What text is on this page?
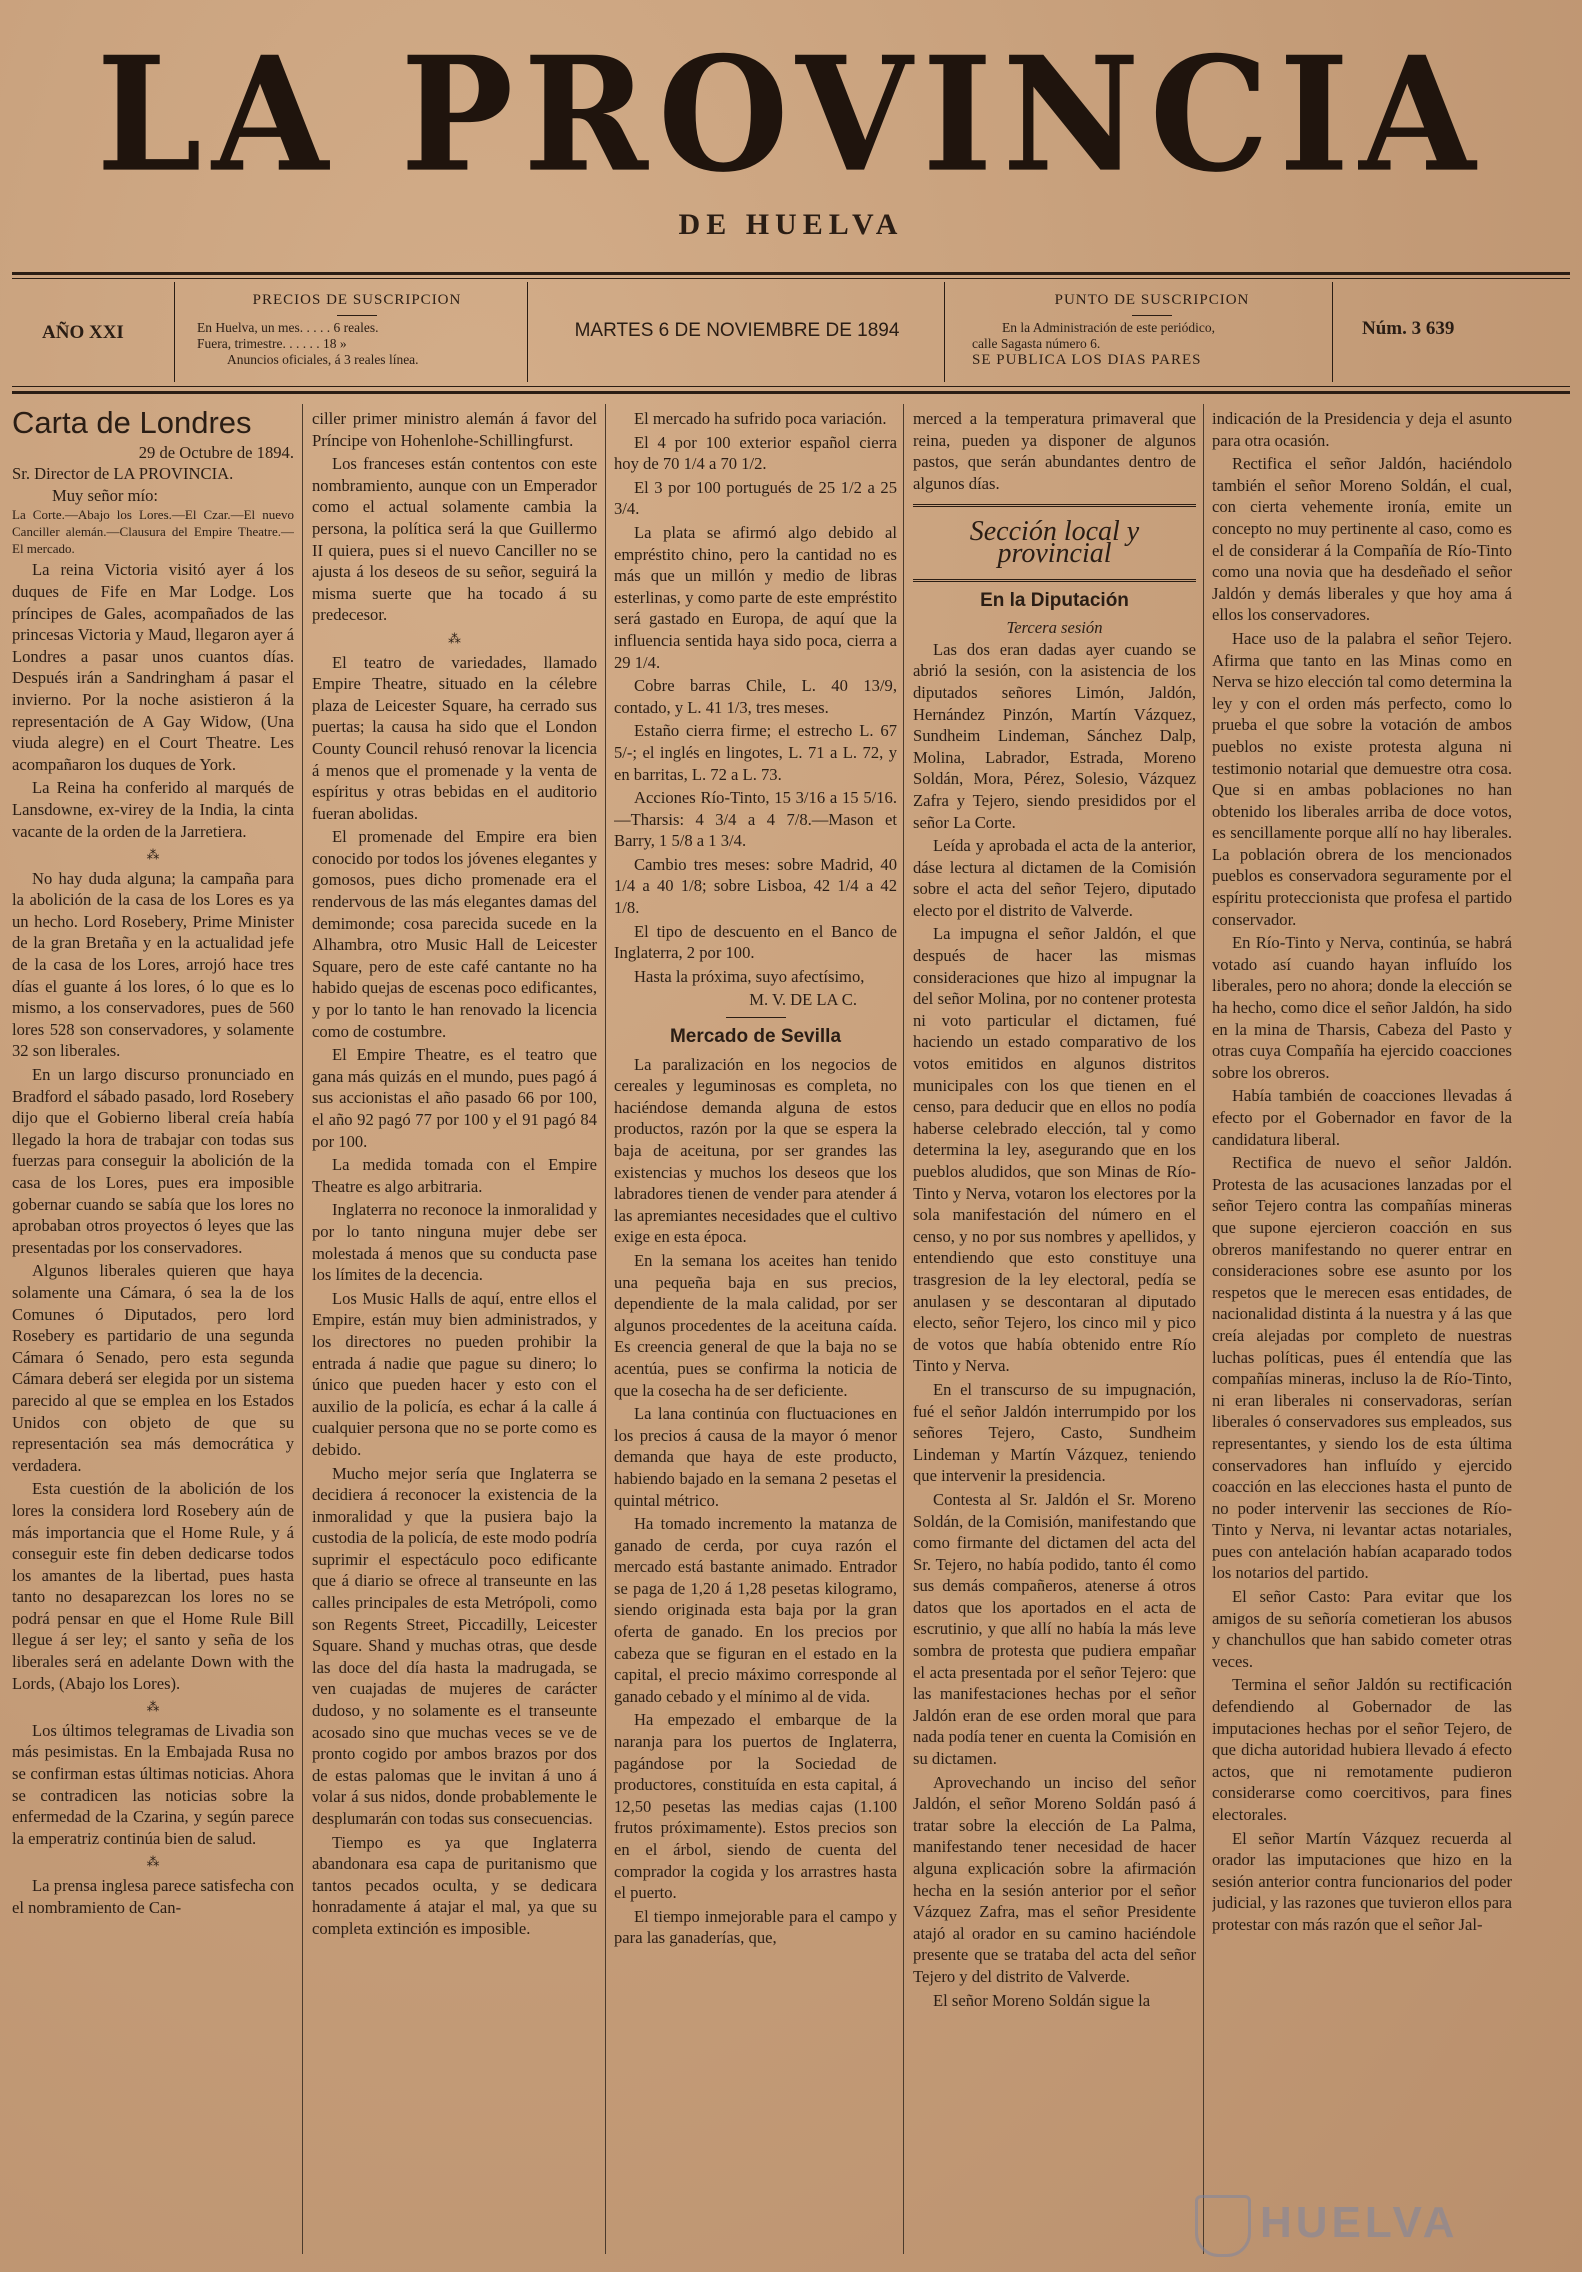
LA PROVINCIA
DE HUELVA
AÑO XXI
PRECIOS DE SUSCRIPCION
En Huelva, un mes. . . . . 6 reales.
Fuera, trimestre. . . . . . 18 »
Anuncios oficiales, á 3 reales línea.
MARTES 6 DE NOVIEMBRE DE 1894
PUNTO DE SUSCRIPCION
En la Administración de este periódico,
calle Sagasta número 6.
SE PUBLICA LOS DIAS PARES
Núm. 3 639
Carta de Londres
29 de Octubre de 1894.
Sr. Director de LA PROVINCIA.
Muy señor mío:

La Corte.—Abajo los Lores.—El Czar.—El nuevo Canciller alemán.—Clausura del Empire Theatre.—El mercado.

La reina Victoria visitó ayer á los duques de Fife en Mar Lodge. Los príncipes de Gales, acompañados de las princesas Victoria y Maud, llegaron ayer á Londres a pasar unos cuantos días. Después irán a Sandringham á pasar el invierno. Por la noche asistieron á la representación de A Gay Widow, (Una viuda alegre) en el Court Theatre. Les acompañaron los duques de York.

La Reina ha conferido al marqués de Lansdowne, ex-virey de la India, la cinta vacante de la orden de la Jarretiera.

⁂

No hay duda alguna; la campaña para la abolición de la casa de los Lores es ya un hecho. Lord Rosebery, Prime Minister de la gran Bretaña y en la actualidad jefe de la casa de los Lores, arrojó hace tres días el guante á los lores, ó lo que es lo mismo, a los conservadores, pues de 560 lores 528 son conservadores, y solamente 32 son liberales.

En un largo discurso pronunciado en Bradford el sábado pasado, lord Rosebery dijo que el Gobierno liberal creía había llegado la hora de trabajar con todas sus fuerzas para conseguir la abolición de la casa de los Lores, pues era imposible gobernar cuando se sabía que los lores no aprobaban otros proyectos ó leyes que las presentadas por los conservadores.

Algunos liberales quieren que haya solamente una Cámara, ó sea la de los Comunes ó Diputados, pero lord Rosebery es partidario de una segunda Cámara ó Senado, pero esta segunda Cámara deberá ser elegida por un sistema parecido al que se emplea en los Estados Unidos con objeto de que su representación sea más democrática y verdadera.

Esta cuestión de la abolición de los lores la considera lord Rosebery aún de más importancia que el Home Rule, y á conseguir este fin deben dedicarse todos los amantes de la libertad, pues hasta tanto no desaparezcan los lores no se podrá pensar en que el Home Rule Bill llegue á ser ley; el santo y seña de los liberales será en adelante Down with the Lords, (Abajo los Lores).

⁂

Los últimos telegramas de Livadia son más pesimistas. En la Embajada Rusa no se confirman estas últimas noticias. Ahora se contradicen las noticias sobre la enfermedad de la Czarina, y según parece la emperatriz continúa bien de salud.

⁂

La prensa inglesa parece satisfecha con el nombramiento de Can-

ciller primer ministro alemán á favor del Príncipe von Hohenlohe-Schillingfurst.

Los franceses están contentos con este nombramiento, aunque con un Emperador como el actual solamente cambia la persona, la política será la que Guillermo II quiera, pues si el nuevo Canciller no se ajusta á los deseos de su señor, seguirá la misma suerte que ha tocado á su predecesor.

⁂

El teatro de variedades, llamado Empire Theatre, situado en la célebre plaza de Leicester Square, ha cerrado sus puertas; la causa ha sido que el London County Council rehusó renovar la licencia á menos que el promenade y la venta de espíritus y otras bebidas en el auditorio fueran abolidas.

El promenade del Empire era bien conocido por todos los jóvenes elegantes y gomosos, pues dicho promenade era el rendervous de las más elegantes damas del demimonde; cosa parecida sucede en la Alhambra, otro Music Hall de Leicester Square, pero de este café cantante no ha habido quejas de escenas poco edificantes, y por lo tanto le han renovado la licencia como de costumbre.

El Empire Theatre, es el teatro que gana más quizás en el mundo, pues pagó á sus accionistas el año pasado 66 por 100, el año 92 pagó 77 por 100 y el 91 pagó 84 por 100.

La medida tomada con el Empire Theatre es algo arbitraria.

Inglaterra no reconoce la inmoralidad y por lo tanto ninguna mujer debe ser molestada á menos que su conducta pase los límites de la decencia.

Los Music Halls de aquí, entre ellos el Empire, están muy bien administrados, y los directores no pueden prohibir la entrada á nadie que pague su dinero; lo único que pueden hacer y esto con el auxilio de la policía, es echar á la calle á cualquier persona que no se porte como es debido.

Mucho mejor sería que Inglaterra se decidiera á reconocer la existencia de la inmoralidad y que la pusiera bajo la custodia de la policía, de este modo podría suprimir el espectáculo poco edificante que á diario se ofrece al transeunte en las calles principales de esta Metrópoli, como son Regents Street, Piccadilly, Leicester Square. Shand y muchas otras, que desde las doce del día hasta la madrugada, se ven cuajadas de mujeres de carácter dudoso, y no solamente es el transeunte acosado sino que muchas veces se ve de pronto cogido por ambos brazos por dos de estas palomas que le invitan á uno á volar á sus nidos, donde probablemente le desplumarán con todas sus consecuencias.

Tiempo es ya que Inglaterra abandonara esa capa de puritanismo que tantos pecados oculta, y se dedicara honradamente á atajar el mal, ya que su completa extinción es imposible.

El mercado ha sufrido poca variación.

El 4 por 100 exterior español cierra hoy de 70 1/4 a 70 1/2.

El 3 por 100 portugués de 25 1/2 a 25 3/4.

La plata se afirmó algo debido al empréstito chino, pero la cantidad no es más que un millón y medio de libras esterlinas, y como parte de este empréstito será gastado en Europa, de aquí que la influencia sentida haya sido poca, cierra a 29 1/4.

Cobre barras Chile, L. 40 13/9, contado, y L. 41 1/3, tres meses.

Estaño cierra firme; el estrecho L. 67 5/-; el inglés en lingotes, L. 71 a L. 72, y en barritas, L. 72 a L. 73.

Acciones Río-Tinto, 15 3/16 a 15 5/16.—Tharsis: 4 3/4 a 4 7/8.—Mason et Barry, 1 5/8 a 1 3/4.

Cambio tres meses: sobre Madrid, 40 1/4 a 40 1/8; sobre Lisboa, 42 1/4 a 42 1/8.

El tipo de descuento en el Banco de Inglaterra, 2 por 100.

Hasta la próxima, suyo afectísimo,

M. V. DE LA C.
Mercado de Sevilla

La paralización en los negocios de cereales y leguminosas es completa, no haciéndose demanda alguna de estos productos, razón por la que se espera la baja de aceituna, por ser grandes las existencias y muchos los deseos que los labradores tienen de vender para atender á las apremiantes necesidades que el cultivo exige en esta época.

En la semana los aceites han tenido una pequeña baja en sus precios, dependiente de la mala calidad, por ser algunos procedentes de la aceituna caída. Es creencia general de que la baja no se acentúa, pues se confirma la noticia de que la cosecha ha de ser deficiente.

La lana continúa con fluctuaciones en los precios á causa de la mayor ó menor demanda que haya de este producto, habiendo bajado en la semana 2 pesetas el quintal métrico.

Ha tomado incremento la matanza de ganado de cerda, por cuya razón el mercado está bastante animado. Entrador se paga de 1,20 á 1,28 pesetas kilogramo, siendo originada esta baja por la gran oferta de ganado. En los precios por cabeza que se figuran en el estado en la capital, el precio máximo corresponde al ganado cebado y el mínimo al de vida.

Ha empezado el embarque de la naranja para los puertos de Inglaterra, pagándose por la Sociedad de productores, constituída en esta capital, á 12,50 pesetas las medias cajas (1.100 frutos próximamente). Estos precios son en el árbol, siendo de cuenta del comprador la cogida y los arrastres hasta el puerto.

El tiempo inmejorable para el campo y para las ganaderías, que,

merced a la temperatura primaveral que reina, pueden ya disponer de algunos pastos, que serán abundantes dentro de algunos días.

Sección local y provincial
En la Diputación
Tercera sesión

Las dos eran dadas ayer cuando se abrió la sesión, con la asistencia de los diputados señores Limón, Jaldón, Hernández Pinzón, Martín Vázquez, Sundheim Lindeman, Sánchez Dalp, Molina, Labrador, Estrada, Moreno Soldán, Mora, Pérez, Solesio, Vázquez Zafra y Tejero, siendo presididos por el señor La Corte.

Leída y aprobada el acta de la anterior, dáse lectura al dictamen de la Comisión sobre el acta del señor Tejero, diputado electo por el distrito de Valverde.

La impugna el señor Jaldón, el que después de hacer las mismas consideraciones que hizo al impugnar la del señor Molina, por no contener protesta ni voto particular el dictamen, fué haciendo un estado comparativo de los votos emitidos en algunos distritos municipales con los que tienen en el censo, para deducir que en ellos no podía haberse celebrado elección, tal y como determina la ley, asegurando que en los pueblos aludidos, que son Minas de Río-Tinto y Nerva, votaron los electores por la sola manifestación del número en el censo, y no por sus nombres y apellidos, y entendiendo que esto constituye una trasgresion de la ley electoral, pedía se anulasen y se descontaran al diputado electo, señor Tejero, los cinco mil y pico de votos que había obtenido entre Río Tinto y Nerva.

En el transcurso de su impugnación, fué el señor Jaldón interrumpido por los señores Tejero, Casto, Sundheim Lindeman y Martín Vázquez, teniendo que intervenir la presidencia.

Contesta al Sr. Jaldón el Sr. Moreno Soldán, de la Comisión, manifestando que como firmante del dictamen del acta del Sr. Tejero, no había podido, tanto él como sus demás compañeros, atenerse á otros datos que los aportados en el acta de escrutinio, y que allí no había la más leve sombra de protesta que pudiera empañar el acta presentada por el señor Tejero: que las manifestaciones hechas por el señor Jaldón eran de ese orden moral que para nada podía tener en cuenta la Comisión en su dictamen.

Aprovechando un inciso del señor Jaldón, el señor Moreno Soldán pasó á tratar sobre la elección de La Palma, manifestando tener necesidad de hacer alguna explicación sobre la afirmación hecha en la sesión anterior por el señor Vázquez Zafra, mas el señor Presidente atajó al orador en su camino haciéndole presente que se trataba del acta del señor Tejero y del distrito de Valverde.

El señor Moreno Soldán sigue la

indicación de la Presidencia y deja el asunto para otra ocasión.

Rectifica el señor Jaldón, haciéndolo también el señor Moreno Soldán, el cual, con cierta vehemente ironía, emite un concepto no muy pertinente al caso, como es el de considerar á la Compañía de Río-Tinto como una novia que ha desdeñado el señor Jaldón y demás liberales y que hoy ama á ellos los conservadores.

Hace uso de la palabra el señor Tejero. Afirma que tanto en las Minas como en Nerva se hizo elección tal como determina la ley y con el orden más perfecto, como lo prueba el que sobre la votación de ambos pueblos no existe protesta alguna ni testimonio notarial que demuestre otra cosa. Que si en ambas poblaciones no han obtenido los liberales arriba de doce votos, es sencillamente porque allí no hay liberales. La población obrera de los mencionados pueblos es conservadora seguramente por el espíritu proteccionista que profesa el partido conservador.

En Río-Tinto y Nerva, continúa, se habrá votado así cuando hayan influído los liberales, pero no ahora; donde la elección se ha hecho, como dice el señor Jaldón, ha sido en la mina de Tharsis, Cabeza del Pasto y otras cuya Compañía ha ejercido coacciones sobre los obreros.

Había también de coacciones llevadas á efecto por el Gobernador en favor de la candidatura liberal.

Rectifica de nuevo el señor Jaldón. Protesta de las acusaciones lanzadas por el señor Tejero contra las compañías mineras que supone ejercieron coacción en sus obreros manifestando no querer entrar en consideraciones sobre ese asunto por los respetos que le merecen esas entidades, de nacionalidad distinta á la nuestra y á las que creía alejadas por completo de nuestras luchas políticas, pues él entendía que las compañías mineras, incluso la de Río-Tinto, ni eran liberales ni conservadoras, serían liberales ó conservadores sus empleados, sus representantes, y siendo los de esta última conservadores han influído y ejercido coacción en las elecciones hasta el punto de no poder intervenir las secciones de Río-Tinto y Nerva, ni levantar actas notariales, pues con antelación habían acaparado todos los notarios del partido.

El señor Casto: Para evitar que los amigos de su señoría cometieran los abusos y chanchullos que han sabido cometer otras veces.

Termina el señor Jaldón su rectificación defendiendo al Gobernador de las imputaciones hechas por el señor Tejero, de que dicha autoridad hubiera llevado á efecto actos, que ni remotamente pudieron considerarse como coercitivos, para fines electorales.

El señor Martín Vázquez recuerda al orador las imputaciones que hizo en la sesión anterior contra funcionarios del poder judicial, y las razones que tuvieron ellos para protestar con más razón que el señor Jal-

HUELVA
